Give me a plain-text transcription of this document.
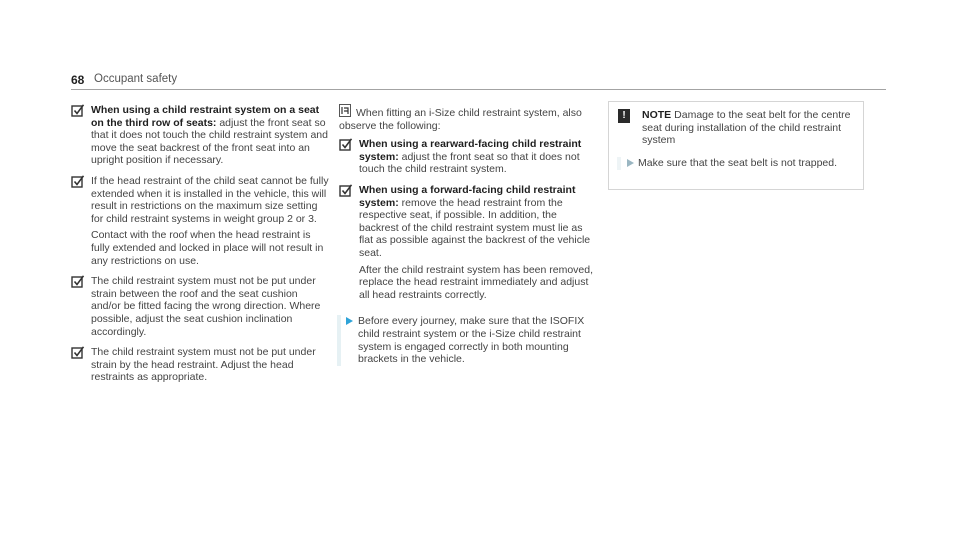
68 Occupant safety

When using a child restraint system on a seat on the third row of seats: adjust the front seat so that it does not touch the child restraint system and move the seat backrest of the front seat into an upright position if necessary.

If the head restraint of the child seat cannot be fully extended when it is installed in the vehicle, this will result in restrictions on the maximum size setting for child restraint systems in weight group 2 or 3.

Contact with the roof when the head restraint is fully extended and locked in place will not result in any restrictions on use.

The child restraint system must not be put under strain between the roof and the seat cushion and/or be fitted facing the wrong direction. Where possible, adjust the seat cushion inclination accordingly.

The child restraint system must not be put under strain by the head restraint. Adjust the head restraints as appropriate.

When fitting an i-Size child restraint system, also observe the following:

When using a rearward-facing child restraint system: adjust the front seat so that it does not touch the child restraint system.

When using a forward-facing child restraint system: remove the head restraint from the respective seat, if possible. In addition, the backrest of the child restraint system must lie as flat as possible against the backrest of the vehicle seat.

After the child restraint system has been removed, replace the head restraint immediately and adjust all head restraints correctly.

Before every journey, make sure that the ISOFIX child restraint system or the i-Size child restraint system is engaged correctly in both mounting brackets in the vehicle.
!	NOTE Damage to the seat belt for the centre seat during installation of the child restraint system
Make sure that the seat belt is not trapped.
